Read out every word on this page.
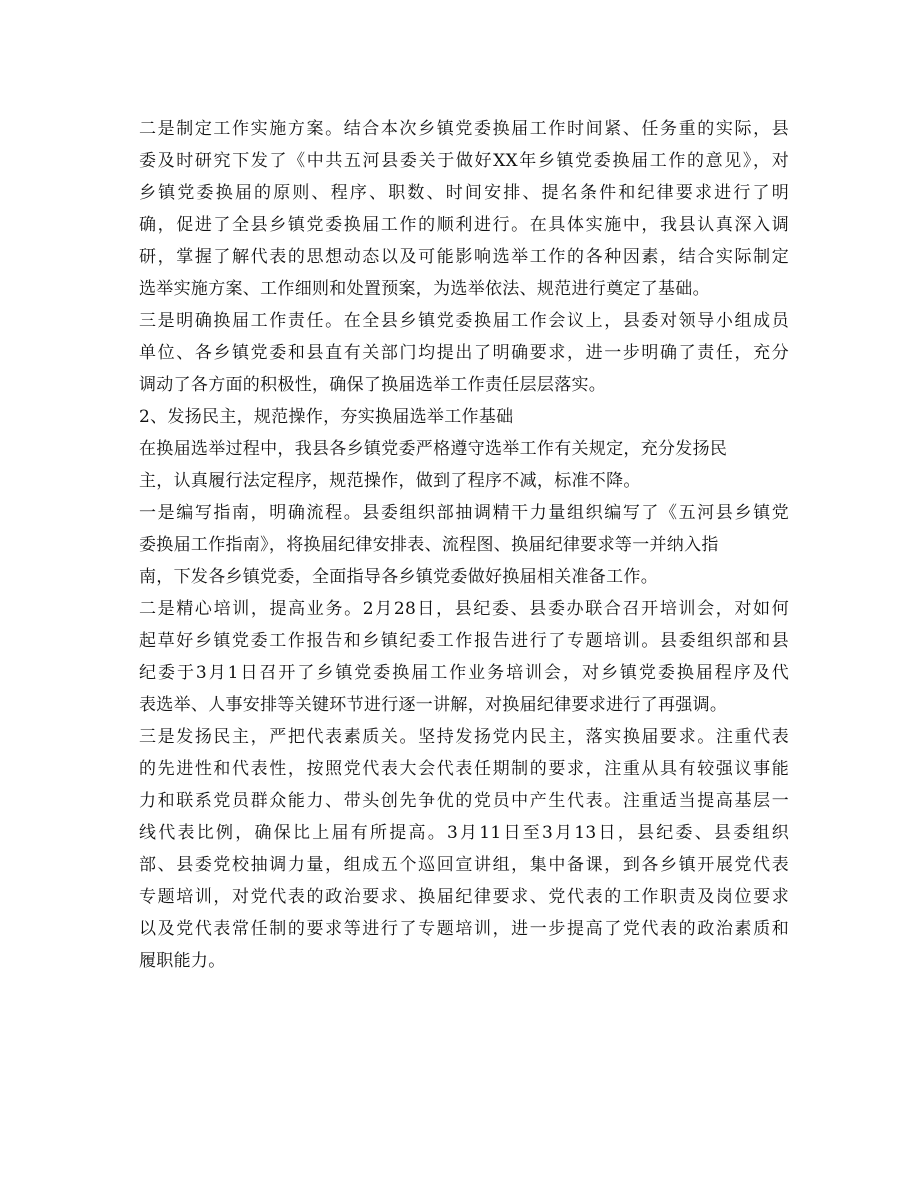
二是制定工作实施方案。结合本次乡镇党委换届工作时间紧、任务重的实际，县
委及时研究下发了《中共五河县委关于做好XX年乡镇党委换届工作的意见》，对
乡镇党委换届的原则、程序、职数、时间安排、提名条件和纪律要求进行了明
确，促进了全县乡镇党委换届工作的顺利进行。在具体实施中，我县认真深入调
研，掌握了解代表的思想动态以及可能影响选举工作的各种因素，结合实际制定
选举实施方案、工作细则和处置预案，为选举依法、规范进行奠定了基础。
三是明确换届工作责任。在全县乡镇党委换届工作会议上，县委对领导小组成员
单位、各乡镇党委和县直有关部门均提出了明确要求，进一步明确了责任，充分
调动了各方面的积极性，确保了换届选举工作责任层层落实。
2、发扬民主，规范操作，夯实换届选举工作基础
在换届选举过程中，我县各乡镇党委严格遵守选举工作有关规定，充分发扬民
主，认真履行法定程序，规范操作，做到了程序不减，标准不降。
一是编写指南，明确流程。县委组织部抽调精干力量组织编写了《五河县乡镇党
委换届工作指南》，将换届纪律安排表、流程图、换届纪律要求等一并纳入指
南，下发各乡镇党委，全面指导各乡镇党委做好换届相关准备工作。
二是精心培训，提高业务。2月28日，县纪委、县委办联合召开培训会，对如何
起草好乡镇党委工作报告和乡镇纪委工作报告进行了专题培训。县委组织部和县
纪委于3月1日召开了乡镇党委换届工作业务培训会，对乡镇党委换届程序及代
表选举、人事安排等关键环节进行逐一讲解，对换届纪律要求进行了再强调。
三是发扬民主，严把代表素质关。坚持发扬党内民主，落实换届要求。注重代表
的先进性和代表性，按照党代表大会代表任期制的要求，注重从具有较强议事能
力和联系党员群众能力、带头创先争优的党员中产生代表。注重适当提高基层一
线代表比例，确保比上届有所提高。3月11日至3月13日，县纪委、县委组织
部、县委党校抽调力量，组成五个巡回宣讲组，集中备课，到各乡镇开展党代表
专题培训，对党代表的政治要求、换届纪律要求、党代表的工作职责及岗位要求
以及党代表常任制的要求等进行了专题培训，进一步提高了党代表的政治素质和
履职能力。
